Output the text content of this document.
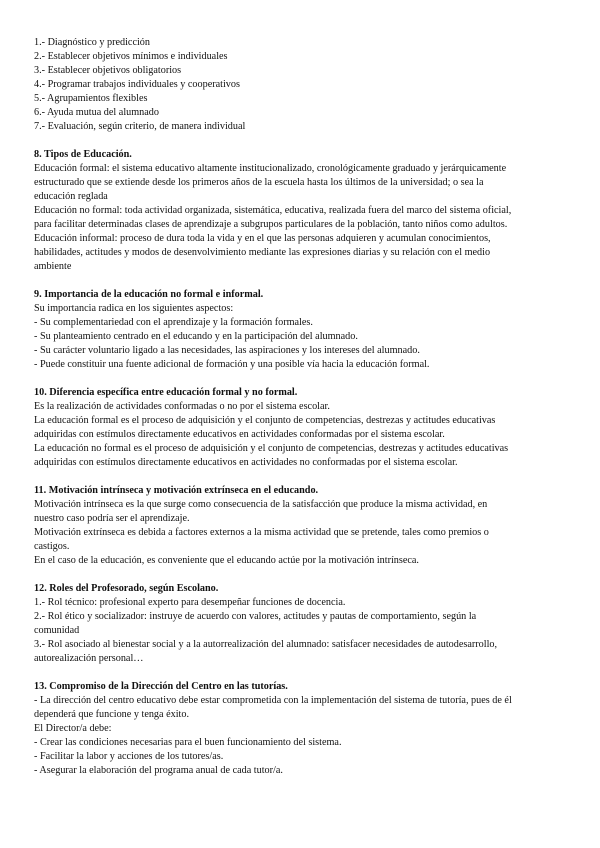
1.- Diagnóstico y predicción

2.- Establecer objetivos mínimos e individuales

3.- Establecer objetivos obligatorios

4.- Programar trabajos individuales y cooperativos

5.- Agrupamientos flexibles

6.- Ayuda mutua del alumnado

7.- Evaluación, según criterio, de manera individual

8. Tipos de Educación.

Educación formal: el sistema educativo altamente institucionalizado, cronológicamente graduado y jerárquicamente

estructurado que se extiende desde los primeros años de la escuela hasta los últimos de la universidad; o sea la

educación reglada

Educación no formal: toda actividad organizada, sistemática, educativa, realizada fuera del marco del sistema oficial,

para facilitar determinadas clases de aprendizaje a subgrupos particulares de la población, tanto niños como adultos.

Educación informal: proceso de dura toda la vida y en el que las personas adquieren y acumulan conocimientos,

habilidades, actitudes y modos de desenvolvimiento mediante las expresiones diarias y su relación con el medio

ambiente

9. Importancia de la educación no formal e informal.

Su importancia radica en los siguientes aspectos:

- Su complementariedad con el aprendizaje y la formación formales.

- Su planteamiento centrado en el educando y en la participación del alumnado.

- Su carácter voluntario ligado a las necesidades, las aspiraciones y los intereses del alumnado.

- Puede constituir una fuente adicional de formación y una posible vía hacia la educación formal.

10. Diferencia específica entre educación formal y no formal.

Es la realización de actividades conformadas o no por el sistema escolar.

La educación formal es el proceso de adquisición y el conjunto de competencias, destrezas y actitudes educativas

adquiridas con estímulos directamente educativos en actividades conformadas por el sistema escolar.

La educación no formal es el proceso de adquisición y el conjunto de competencias, destrezas y actitudes educativas

adquiridas con estímulos directamente educativos en actividades no conformadas por el sistema escolar.

11. Motivación intrínseca y motivación extrínseca en el educando.

Motivación intrínseca es la que surge como consecuencia de la satisfacción que produce la misma actividad, en

nuestro caso podría ser el aprendizaje.

Motivación extrínseca es debida a factores externos a la misma actividad que se pretende, tales como premios o

castigos.

En el caso de la educación, es conveniente que el educando actúe por la motivación intrínseca.

12. Roles del Profesorado, según Escolano.

1.- Rol técnico: profesional experto para desempeñar funciones de docencia.

2.- Rol ético y socializador: instruye de acuerdo con valores, actitudes y pautas de comportamiento, según la

comunidad

3.- Rol asociado al bienestar social y a la autorrealización del alumnado: satisfacer necesidades de autodesarrollo,

autorealización personal…

13. Compromiso de la Dirección del Centro en las tutorías.

- La dirección del centro educativo debe estar comprometida con la implementación del sistema de tutoría, pues de él

dependerá que funcione y tenga éxito.

El Director/a debe:

- Crear las condiciones necesarias para el buen funcionamiento del sistema.

- Facilitar la labor y acciones de los tutores/as.

- Asegurar la elaboración del programa anual de cada tutor/a.
